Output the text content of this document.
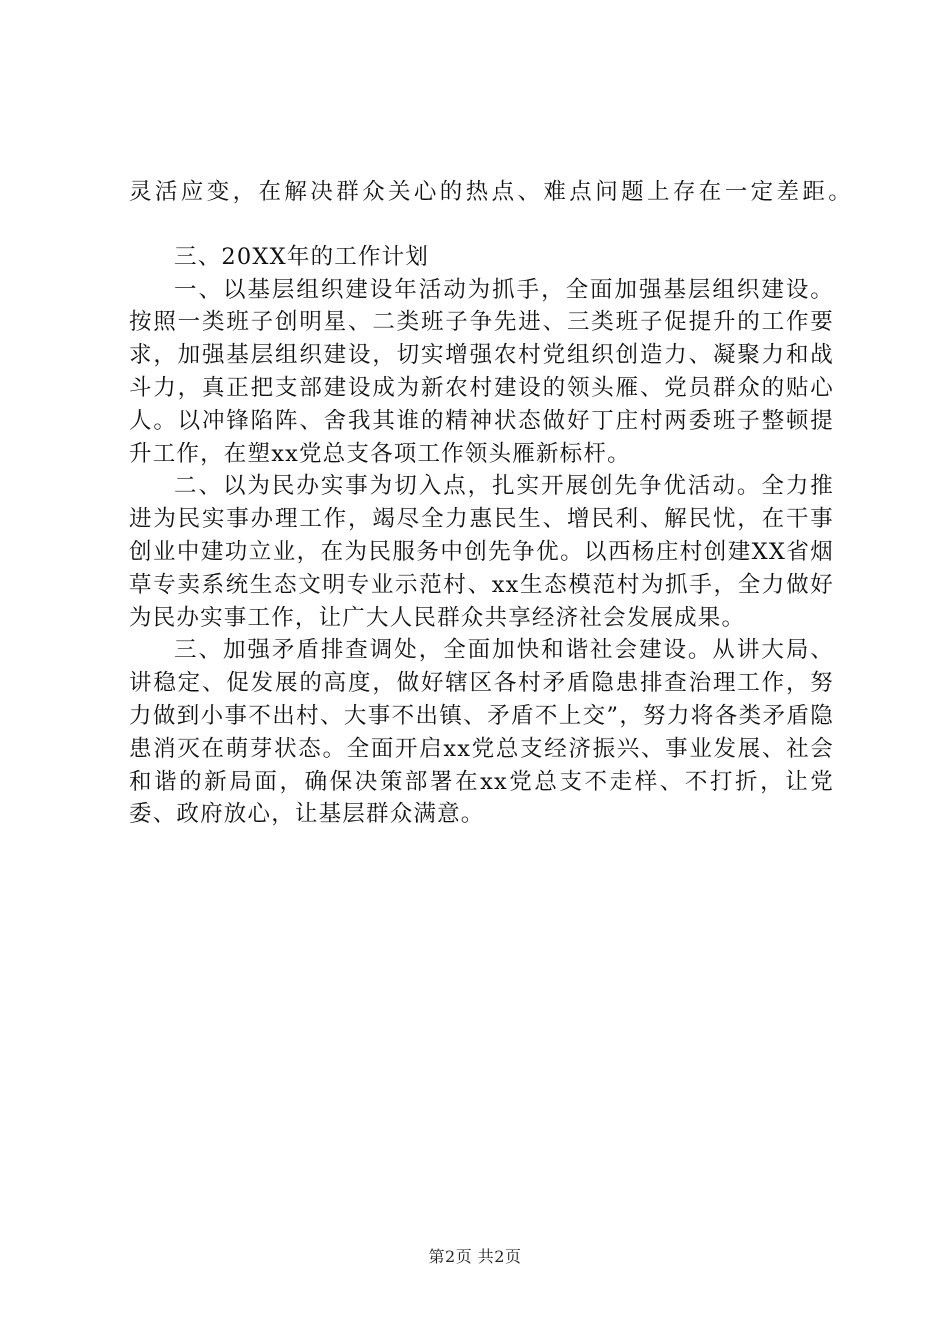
灵活应变，在解决群众关心的热点、难点问题上存在一定差距。

三、20XX年的工作计划

一、以基层组织建设年活动为抓手，全面加强基层组织建设。按照一类班子创明星、二类班子争先进、三类班子促提升的工作要求，加强基层组织建设，切实增强农村党组织创造力、凝聚力和战斗力，真正把支部建设成为新农村建设的领头雁、党员群众的贴心人。以冲锋陷阵、舍我其谁的精神状态做好丁庄村两委班子整顿提升工作，在塑xx党总支各项工作领头雁新标杆。

二、以为民办实事为切入点，扎实开展创先争优活动。全力推进为民实事办理工作，竭尽全力惠民生、增民利、解民忧，在干事创业中建功立业，在为民服务中创先争优。以西杨庄村创建XX省烟草专卖系统生态文明专业示范村、xx生态模范村为抓手，全力做好为民办实事工作，让广大人民群众共享经济社会发展成果。

三、加强矛盾排查调处，全面加快和谐社会建设。从讲大局、讲稳定、促发展的高度，做好辖区各村矛盾隐患排查治理工作，努力做到小事不出村、大事不出镇、矛盾不上交”，努力将各类矛盾隐患消灭在萌芽状态。全面开启xx党总支经济振兴、事业发展、社会和谐的新局面，确保决策部署在xx党总支不走样、不打折，让党委、政府放心，让基层群众满意。

第2页 共2页
